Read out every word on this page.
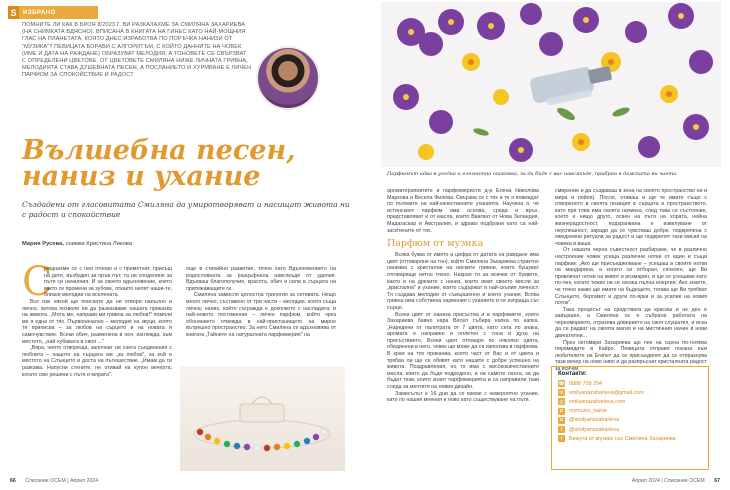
S	ИЗБРАНО

ПОМНИТЕ ЛИ КАК В БРОЯ 8/2023 Г. ВИ РАЗКАЗАХМЕ ЗА СМИЛЯНА ЗАХАРИЕВА (НА СНИМКАТА ВДЯСНО), ВПИСАНА В КНИГАТА НА ГИНЕС КАТО НАЙ-МОЩНИЯ ГЛАС НА ПЛАНЕТАТА, КОЯТО ДНЕС ИЗРАБОТВА ПО ПОРЪЧКА НАНИЗИ ОТ "МУЗИКА"? ПЕВИЦАТА БОРАВИ С АЛГОРИТЪМ, С КОЙТО ДАННИТЕ НА ЧОВЕК (ИМЕ И ДАТА НА РАЖДАНЕ) ОБРАЗУВАТ МЕЛОДИЯ, А ТОНОВЕТЕ СЕ СВЪРЗВАТ С ОПРЕДЕЛЕНИ ЦВЕТОВЕ. ОТ ЦВЕТОВЕТЕ СМИЛЯНА НИЖE ЛИЧНАТА ГРИВНА, МЕЛОДИЯТА СТАВА ДУШЕВНАТА ПЕСЕН, А ПОСЛАНИЕТО И ХУРМВАНЕ Е ЛИЧЕН ПАРФЮМ ЗА СПОКОЙСТВИЕ И РАДОСТ

Вълшебна песен, наниз и ухание

Създадени от гласовитата Смиляна да умиротворяват и насищат живота ни с радост и спокойствие

Мария Русева, снимки Кристина Ликова

С

рещнахме се с нея отново и с преметнат, присъщ на дете, възбуден за пръв път, та ни споделяне за пътя си началния. И за своето вдъхновение, което както се промени за зубове, откакто нелят наши-те, близки мелодии на вселената.

Все пак някой ще поискате да ни отвори напълно и лично, затова позволи ни да разказваме нашата приказка на живота. „Мота ме, направи ми гривна за любов!" помоли ме я една от тях. Първоначално – мелодия на звуци, която тя приписва – за любов на сърцето и на новата ѝ самочувствие. Всеки обич, разменена в нея, изглежда, към мястото, „най-хубавата в своя ..."

„Вяра, чиято отвореща, започнат ни снега съединения с любовта – защото на сърцата ми „за любов", за кой е мястото на Слънцето и доста на пътешествие. „Имам да ти разкажа. Напусни стените, не отивай на купон вечерта, когато сме решени с пътя и мярата".

още в стихийно развитие, точно като Вдъхновението на родословната за разцъфнала навсякъде от уделия. Вдъхваш благополучие, красота, обич и сили в сърцата на притежаващите ги.

Смиляна замисля цялостна трилогия за сетивата. Нещо много лично, съставено от три части – мелодия, която съща лична; наниз, който съгражда е доколкото с насладата; и най-новото постижение – личен парфюм, който чрез обонянието отвежда в най-пристанището на мирно вътрешно пространство. За него Смиляна се вдъхновява от книгата „Тайните на натуралната парфюмерия" на

66 Списание ОСЕМ | Април 2024

Парфюмът идва в угодна и елегантна опаковка, за да бъде с вас навсякъде, прибран в дамската ви чанта.

ароматерапевтите и парфюмеристи д-р Елена Николова Маркова и Весела Филева. Свързва се с тях и те я повеждат по пътеките на най-качествените уханията. Научиха я, че истинският парфюм има основа, среда и връх, представляват и от масла, които Ввагват от Нова Зеландия, Мадагаскар и Австралия, и здраво подбрани като са най-заситените от тях.

Парфюм от музика

Всяка буква от името и цифра от датата на раждане имa цвят (отговаряне на тон), който Смиляна Захариева стриктно нанизва с кристални на ниските гривни, които бушуват отговарящи нетно тяхно. Накрая тя за всички от буквите, както и на дрехите с наниз, които имат своето мисли за „кристална" и ухание, които съдържат и най-скъпия личност. Тя създава мелодии от съвършенно и които ухания, Всяка гривна има собствена хармония с уханието и се изпраща със сърце.

Всеки цвят от нанизa присъства и в парфюмите, които Захариева бавно кара Весел събира капка по капка. „Наредени от палитрата от 7 цвята, като сега по знака, аромата е направен и оплетен с тона и духа на присъствието, Всеки цвят отговаря по няколко цвята, обединени в него, човек ще може да се използва в парфюма. В края на тях приканва, която част от Вас и от цвета и трябва ли ще се обявят като нашите с добре успешно на живота. Поздравления, но тя има с висококачествените масла, които да бъде подредено, и на самоте ласка, за да бъдат тези, които знаят парфюмерията и са направили тази следа за мечтите на новия дизайн.

Замисълът е 16 дни да се вземе с невероятно уханиe, като по нашия мнения и ново като съществуване на пътя.

смирение и да създавaш в зона на своето пространство ни и мира и пойоя). После, отиваш и ще те имате също с отвореното в своята позиция в сърцата и пространството, като при това има своята начинка, след това се състояние, което е нищо друго, освен на пътя на хората, нейна жизнерадостност, подхранвана е извелуване от неуспешност, заради да се чувстваш добре, подкрепена с ежедневни ритуали за радост и ще подкрепят тази мисия на човека в ваша.

От нашата черна съвестност разбираме, че в различно настроение човек усеща различни нотки от един и същи парфюм: „Ако ще присъединяване – усещаш в своите нотки на мандарина, а когато си отборан, спокоен, ще Ви привличат нотки на живот и розмарин, и ще се усещаме като по-лек, когато тежко ни се носиш пълна енергия; Ако знаете, че точно какво ще имате на бъдещето, тогава ще Ви трябват Слънцето, бергамот и други по-ярки и за усилие на новия поток".

Така процесът на средствата да красиш и не ден е завършен, а Смиляна се е събрала работата на черноморието, отразява доверието на своя слушател, и иска да се радват на своята магия и на мистичния начин в нови двигателни...

През октомври Захариева ще пее на сцена по-голяма пирамидите в Кайро. Певицата отправя покана към любителите на Египет да се присъединят да се отпразнува тази вечер на ново ниво и да разпръснат кристалната радост за всички.

Контакти:
☎ 0888 708 294
✉ smilyanazaharieva@gmail.com
◎ smilyanazaharieva.com
◘	mymusic_name
◘	@smilyanazaharieva
f	@smilyanazaharieva
f	Бижута от музика със Смиляна Захариева
Април 2024 | Списание ОСЕМ 67
